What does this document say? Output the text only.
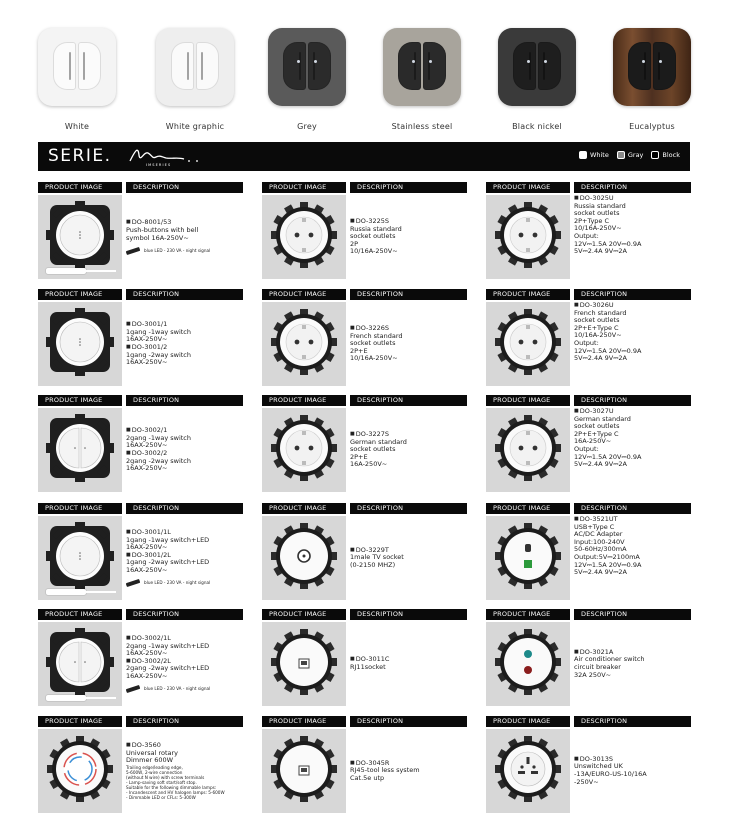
White	White graphic	Grey	Stainless steel	Black nickel	Eucalyptus
SERIE.	I M S E R I E S
White	Gray	Block
PRODUCT IMAGE	DESCRIPTION
■ DO-8001/53
Push-buttons with bell
symbol 16A-250V~
blue LED - 230 VA - night signal
PRODUCT IMAGE	DESCRIPTION
■ DO-3225S
Russia standard
socket outlets
2P
10/16A-250V~
PRODUCT IMAGE	DESCRIPTION
■ DO-3025U
Russia standard
socket outlets
2P+Type C
10/16A-250V~
Output:
12V⎓1.5A 20V⎓0.9A
5V⎓2.4A 9V⎓2A
PRODUCT IMAGE	DESCRIPTION
■ DO-3001/1
1gang -1way switch
16AX-250V~
■ DO-3001/2
1gang -2way switch
16AX-250V~
PRODUCT IMAGE	DESCRIPTION
■ DO-3226S
French standard
socket outlets
2P+E
10/16A-250V~
PRODUCT IMAGE	DESCRIPTION
■ DO-3026U
French standard
socket outlets
2P+E+Type C
10/16A-250V~
Output:
12V⎓1.5A 20V⎓0.9A
5V⎓2.4A 9V⎓2A
PRODUCT IMAGE	DESCRIPTION
■ DO-3002/1
2gang -1way switch
16AX-250V~
■ DO-3002/2
2gang -2way switch
16AX-250V~
PRODUCT IMAGE	DESCRIPTION
■ DO-3227S
German standard
socket outlets
2P+E
16A-250V~
PRODUCT IMAGE	DESCRIPTION
■ DO-3027U
German standard
socket outlets
2P+E+Type C
16A-250V~
Output:
12V⎓1.5A 20V⎓0.9A
5V⎓2.4A 9V⎓2A
PRODUCT IMAGE	DESCRIPTION
■ DO-3001/1L
1gang -1way switch+LED
16AX-250V~
■ DO-3001/2L
1gang -2way switch+LED
16AX-250V~
blue LED - 230 VA - night signal
PRODUCT IMAGE	DESCRIPTION
■ DO-3229T
1male TV socket
(0-2150 MHZ)
PRODUCT IMAGE	DESCRIPTION
■ DO-3521UT
USB+Type C
AC/DC Adapter
Input:100-240V
50-60Hz/300mA
Output:5V⎓2100mA
12V⎓1.5A 20V⎓0.9A
5V⎓2.4A 9V⎓2A
PRODUCT IMAGE	DESCRIPTION
■ DO-3002/1L
2gang -1way switch+LED
16AX-250V~
■ DO-3002/2L
2gang -2way switch+LED
16AX-250V~
blue LED - 230 VA - night signal
PRODUCT IMAGE	DESCRIPTION
■ DO-3011C
RJ11socket
PRODUCT IMAGE	DESCRIPTION
■ DO-3021A
Air conditioner switch
circuit breaker
32A 250V~
PRODUCT IMAGE	DESCRIPTION
■ DO-3560
Universal rotary
Dimmer 600W
Trailing edge/leading edge,
5-600W, 2-wire connection
(without N wire) with screw terminals
- Lamp-saving soft start/soft stop.
Suitable for the following dimmable lamps:
- Incandescent and HV halogen lamps: 5-600W
- Dimmable LED or CFLs: 5-300W
PRODUCT IMAGE	DESCRIPTION
■ DO-3045R
RJ45-tool less system
Cat.5e utp
PRODUCT IMAGE	DESCRIPTION
■ DO-3013S
Unswitched UK
-13A/EURO-US-10/16A
-250V~
